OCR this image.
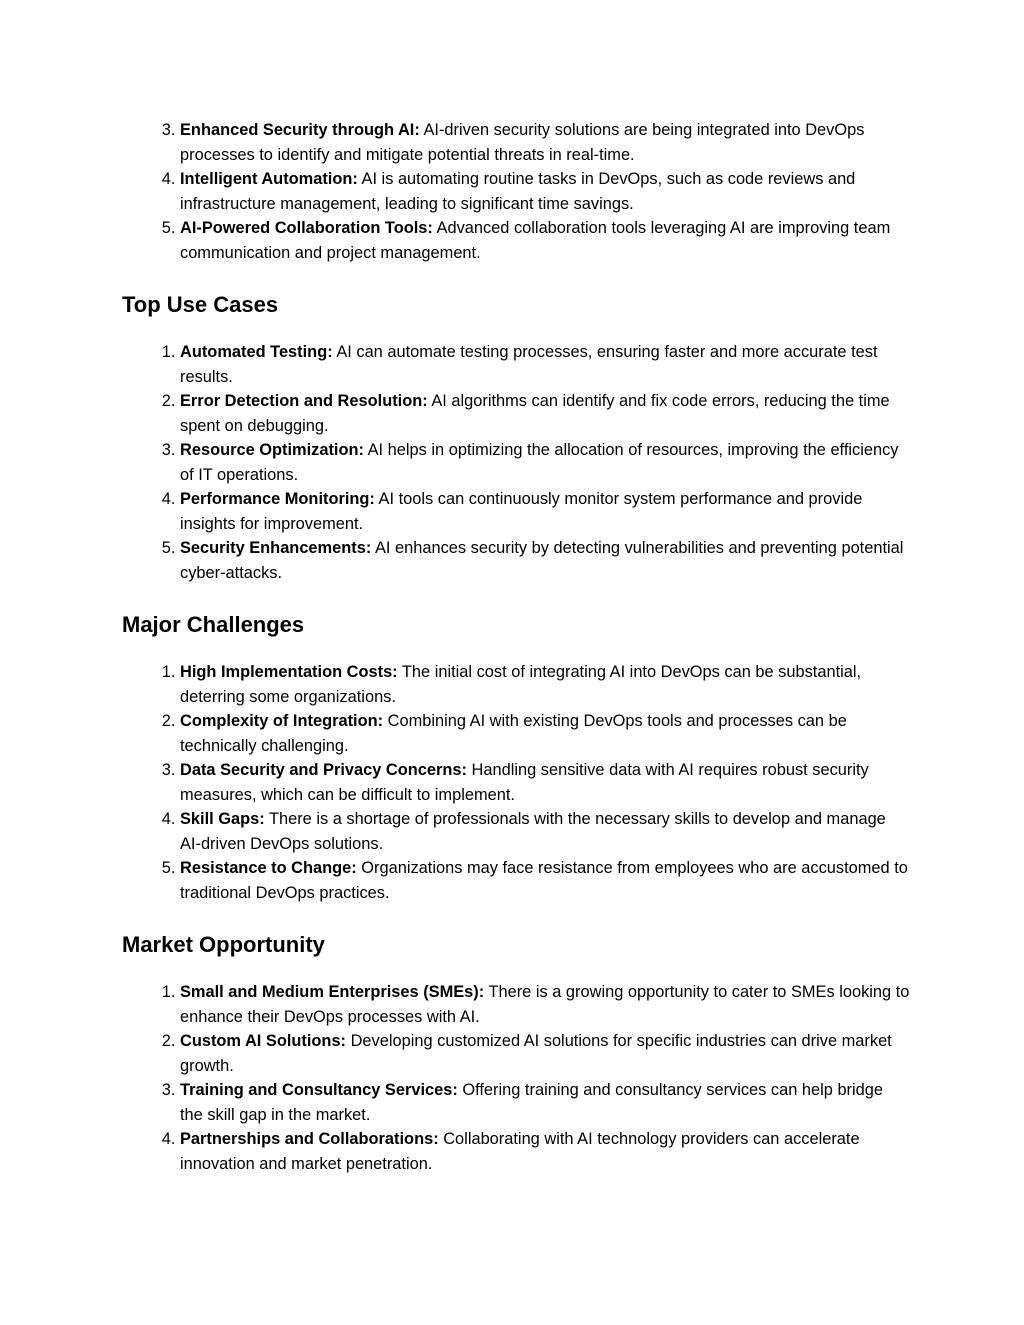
3. Enhanced Security through AI: AI-driven security solutions are being integrated into DevOps processes to identify and mitigate potential threats in real-time.
4. Intelligent Automation: AI is automating routine tasks in DevOps, such as code reviews and infrastructure management, leading to significant time savings.
5. AI-Powered Collaboration Tools: Advanced collaboration tools leveraging AI are improving team communication and project management.
Top Use Cases
1. Automated Testing: AI can automate testing processes, ensuring faster and more accurate test results.
2. Error Detection and Resolution: AI algorithms can identify and fix code errors, reducing the time spent on debugging.
3. Resource Optimization: AI helps in optimizing the allocation of resources, improving the efficiency of IT operations.
4. Performance Monitoring: AI tools can continuously monitor system performance and provide insights for improvement.
5. Security Enhancements: AI enhances security by detecting vulnerabilities and preventing potential cyber-attacks.
Major Challenges
1. High Implementation Costs: The initial cost of integrating AI into DevOps can be substantial, deterring some organizations.
2. Complexity of Integration: Combining AI with existing DevOps tools and processes can be technically challenging.
3. Data Security and Privacy Concerns: Handling sensitive data with AI requires robust security measures, which can be difficult to implement.
4. Skill Gaps: There is a shortage of professionals with the necessary skills to develop and manage AI-driven DevOps solutions.
5. Resistance to Change: Organizations may face resistance from employees who are accustomed to traditional DevOps practices.
Market Opportunity
1. Small and Medium Enterprises (SMEs): There is a growing opportunity to cater to SMEs looking to enhance their DevOps processes with AI.
2. Custom AI Solutions: Developing customized AI solutions for specific industries can drive market growth.
3. Training and Consultancy Services: Offering training and consultancy services can help bridge the skill gap in the market.
4. Partnerships and Collaborations: Collaborating with AI technology providers can accelerate innovation and market penetration.
